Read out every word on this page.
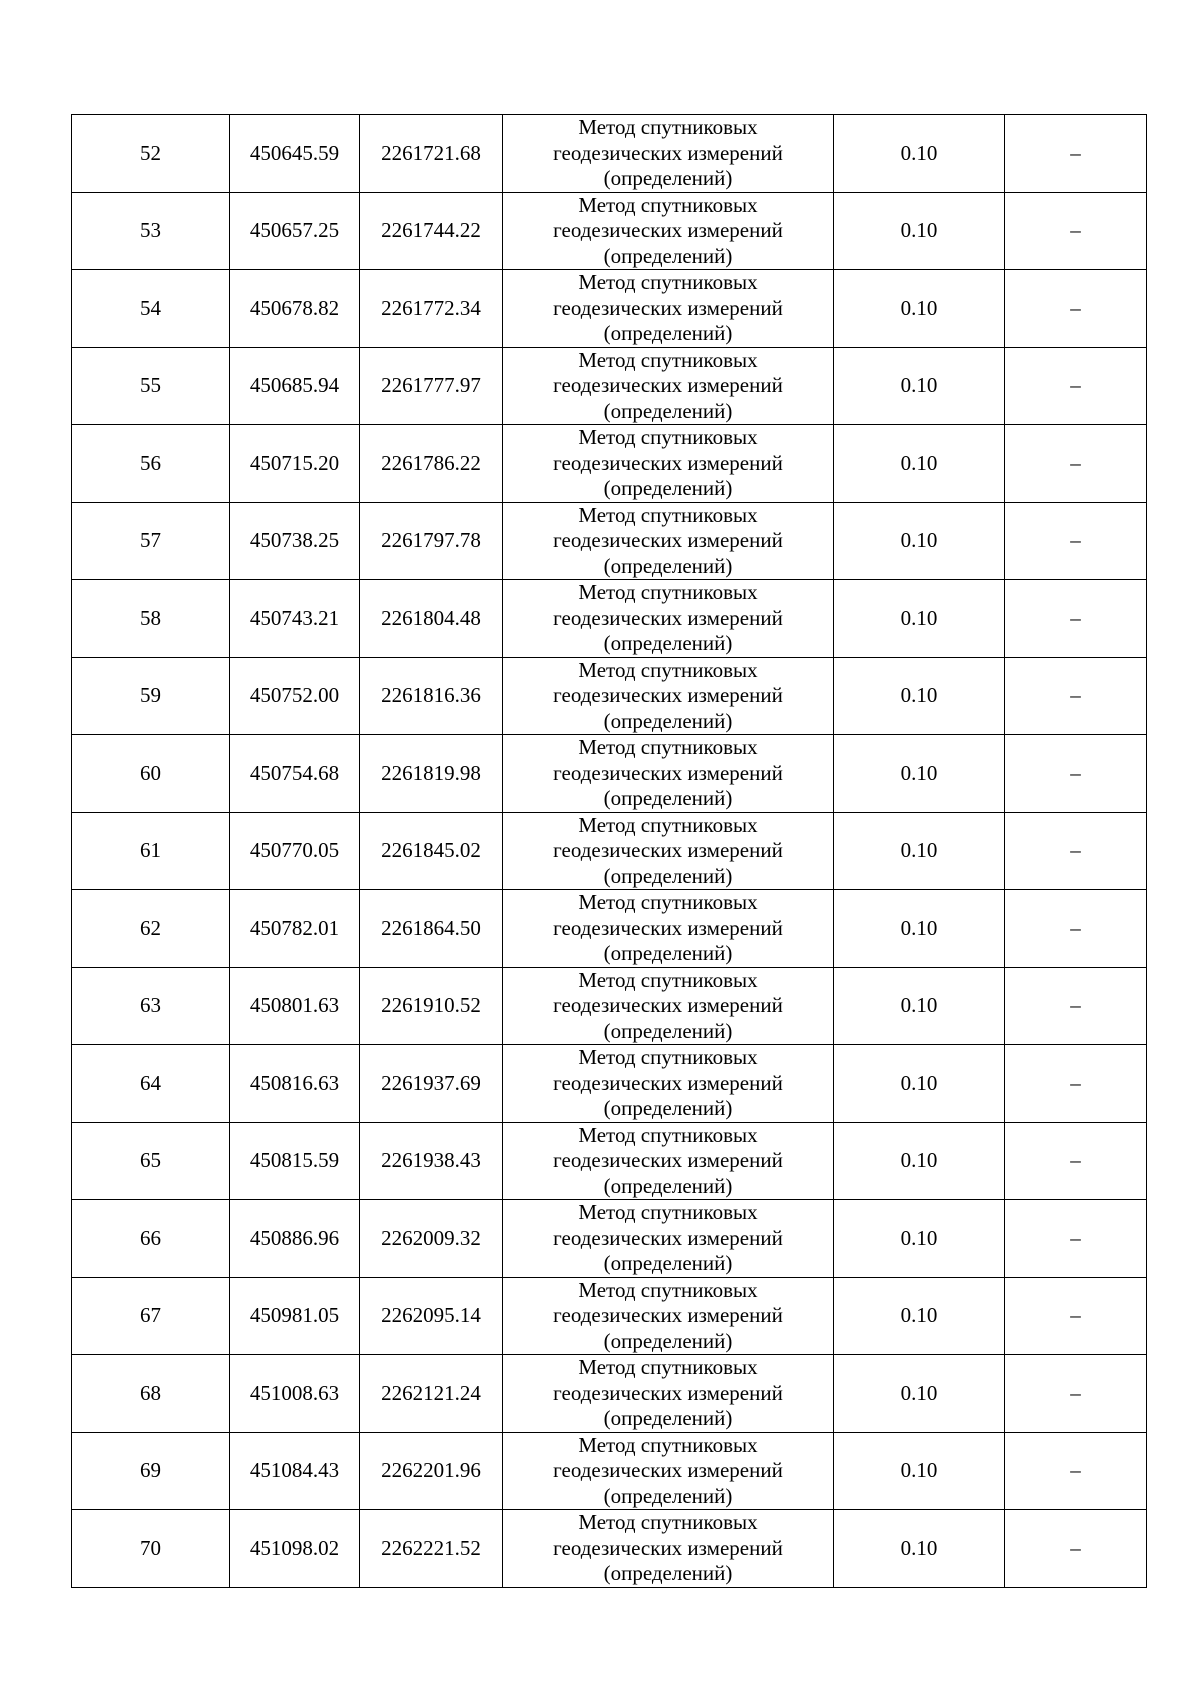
52	450645.59	2261721.68	Метод спутниковых
геодезических измерений
(определений)	0.10	–
53	450657.25	2261744.22	Метод спутниковых
геодезических измерений
(определений)	0.10	–
54	450678.82	2261772.34	Метод спутниковых
геодезических измерений
(определений)	0.10	–
55	450685.94	2261777.97	Метод спутниковых
геодезических измерений
(определений)	0.10	–
56	450715.20	2261786.22	Метод спутниковых
геодезических измерений
(определений)	0.10	–
57	450738.25	2261797.78	Метод спутниковых
геодезических измерений
(определений)	0.10	–
58	450743.21	2261804.48	Метод спутниковых
геодезических измерений
(определений)	0.10	–
59	450752.00	2261816.36	Метод спутниковых
геодезических измерений
(определений)	0.10	–
60	450754.68	2261819.98	Метод спутниковых
геодезических измерений
(определений)	0.10	–
61	450770.05	2261845.02	Метод спутниковых
геодезических измерений
(определений)	0.10	–
62	450782.01	2261864.50	Метод спутниковых
геодезических измерений
(определений)	0.10	–
63	450801.63	2261910.52	Метод спутниковых
геодезических измерений
(определений)	0.10	–
64	450816.63	2261937.69	Метод спутниковых
геодезических измерений
(определений)	0.10	–
65	450815.59	2261938.43	Метод спутниковых
геодезических измерений
(определений)	0.10	–
66	450886.96	2262009.32	Метод спутниковых
геодезических измерений
(определений)	0.10	–
67	450981.05	2262095.14	Метод спутниковых
геодезических измерений
(определений)	0.10	–
68	451008.63	2262121.24	Метод спутниковых
геодезических измерений
(определений)	0.10	–
69	451084.43	2262201.96	Метод спутниковых
геодезических измерений
(определений)	0.10	–
70	451098.02	2262221.52	Метод спутниковых
геодезических измерений
(определений)	0.10	–
